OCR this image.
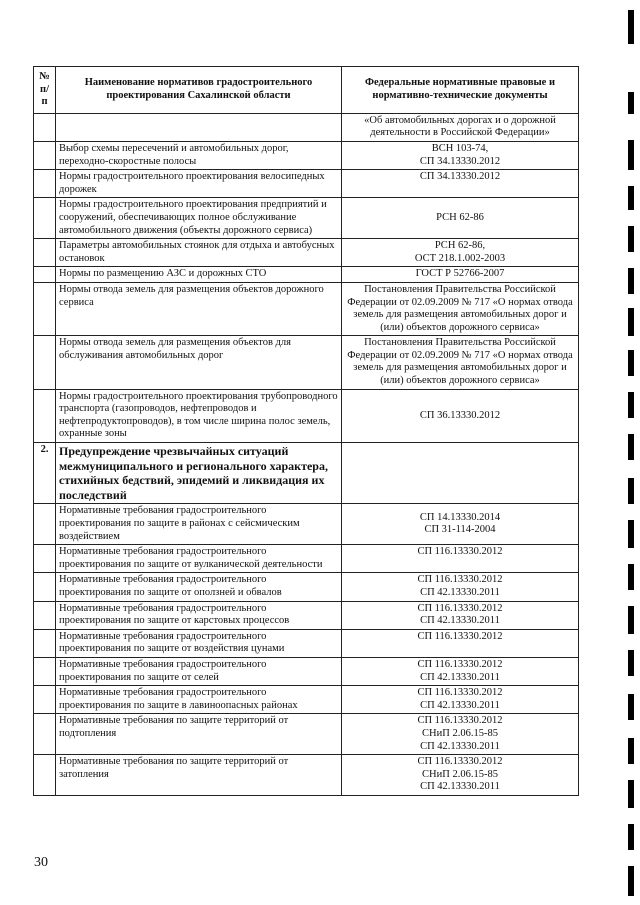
№ п/п	Наименование нормативов градостроительного проектирования Сахалинской области	Федеральные нормативные правовые и нормативно-технические документы

		«Об автомобильных дорогах и о дорожной деятельности в Российской Федерации»

	Выбор схемы пересечений и автомобильных дорог, переходно-скоростные полосы	ВСН 103-74,
СП 34.13330.2012

	Нормы градостроительного проектирования велосипедных дорожек	СП 34.13330.2012

	Нормы градостроительного проектирования предприятий и сооружений, обеспечивающих полное обслуживание автомобильного движения (объекты дорожного сервиса)	РСН 62-86

	Параметры автомобильных стоянок для отдыха и автобусных остановок	РСН 62-86,
ОСТ 218.1.002-2003

	Нормы по размещению АЗС и дорожных СТО	ГОСТ Р 52766-2007

	Нормы отвода земель для размещения объектов дорожного сервиса	Постановления Правительства Российской Федерации от 02.09.2009 № 717 «О нормах отвода земель для размещения автомобильных дорог и (или) объектов дорожного сервиса»

	Нормы отвода земель для размещения объектов для обслуживания автомобильных дорог	Постановления Правительства Российской Федерации от 02.09.2009 № 717 «О нормах отвода земель для размещения автомобильных дорог и (или) объектов дорожного сервиса»

	Нормы градостроительного проектирования трубопроводного транспорта (газопроводов, нефтепроводов и нефтепродуктопроводов), в том числе ширина полос земель, охранные зоны	СП 36.13330.2012

2.	Предупреждение чрезвычайных ситуаций межмуниципального и регионального характера, стихийных бедствий, эпидемий и ликвидация их последствий	
	Нормативные требования градостроительного проектирования по защите в районах с сейсмическим воздействием	СП 14.13330.2014
СП 31-114-2004

	Нормативные требования градостроительного проектирования по защите от вулканической деятельности	СП 116.13330.2012

	Нормативные требования градостроительного проектирования по защите от оползней и обвалов	СП 116.13330.2012
СП 42.13330.2011

	Нормативные требования градостроительного проектирования по защите от карстовых процессов	СП 116.13330.2012
СП 42.13330.2011

	Нормативные требования градостроительного проектирования по защите от воздействия цунами	СП 116.13330.2012

	Нормативные требования градостроительного проектирования по защите от селей	СП 116.13330.2012
СП 42.13330.2011

	Нормативные требования градостроительного проектирования по защите в лавиноопасных районах	СП 116.13330.2012
СП 42.13330.2011

	Нормативные требования по защите территорий от подтопления	СП 116.13330.2012
СНиП 2.06.15-85
СП 42.13330.2011

	Нормативные требования по защите территорий от затопления	СП 116.13330.2012
СНиП 2.06.15-85
СП 42.13330.2011
30
